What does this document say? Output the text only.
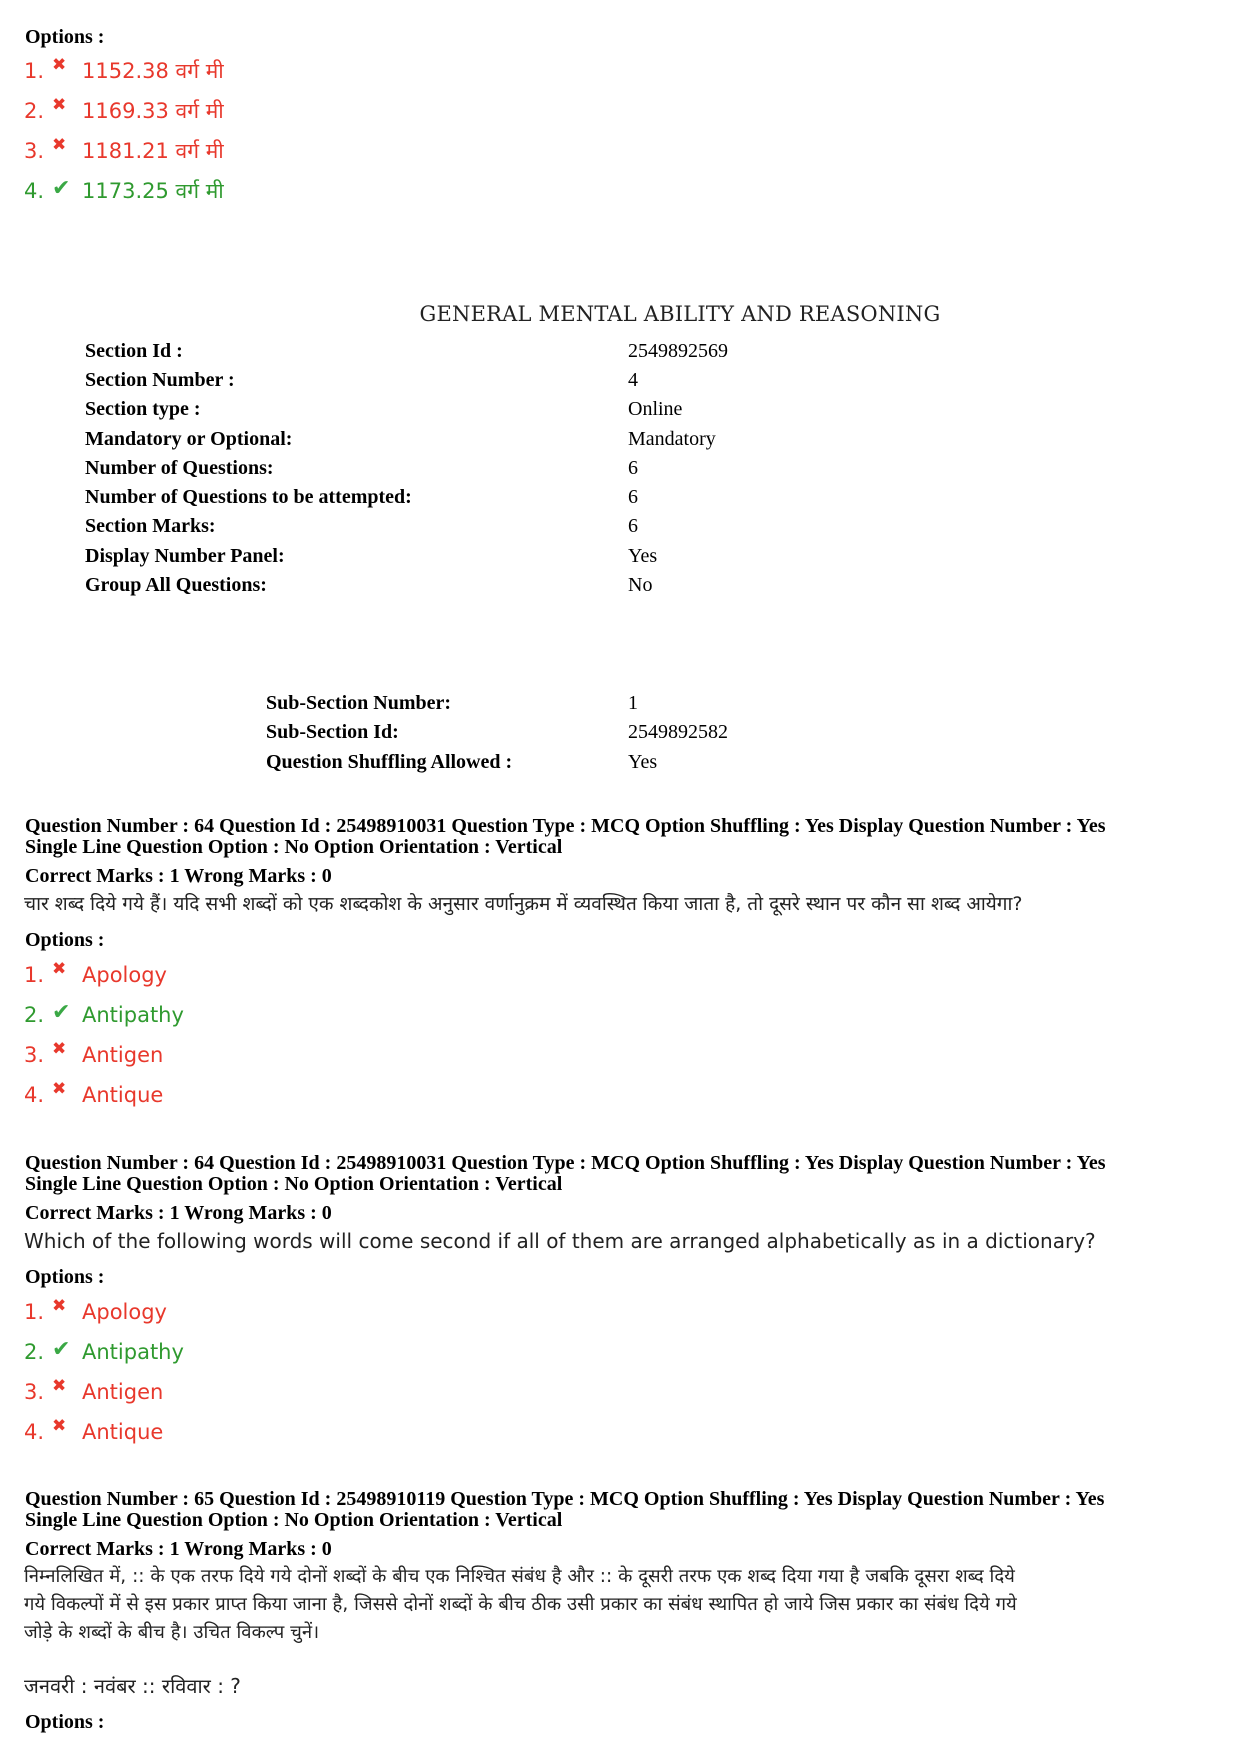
Options :
1. ✖ 1152.38 वर्ग मी
2. ✖ 1169.33 वर्ग मी
3. ✖ 1181.21 वर्ग मी
4. ✔ 1173.25 वर्ग मी
GENERAL MENTAL ABILITY AND REASONING
Section Id :	2549892569
Section Number :	4
Section type :	Online
Mandatory or Optional:	Mandatory
Number of Questions:	6
Number of Questions to be attempted:	6
Section Marks:	6
Display Number Panel:	Yes
Group All Questions:	No
Sub-Section Number:	1
Sub-Section Id:	2549892582
Question Shuffling Allowed :	Yes
Question Number : 64 Question Id : 25498910031 Question Type : MCQ Option Shuffling : Yes Display Question Number : Yes
Single Line Question Option : No Option Orientation : Vertical
Correct Marks : 1 Wrong Marks : 0
चार शब्द दिये गये हैं। यदि सभी शब्दों को एक शब्दकोश के अनुसार वर्णानुक्रम में व्यवस्थित किया जाता है, तो दूसरे स्थान पर कौन सा शब्द आयेगा?
Options :
1. ✖ Apology
2. ✔ Antipathy
3. ✖ Antigen
4. ✖ Antique
Question Number : 64 Question Id : 25498910031 Question Type : MCQ Option Shuffling : Yes Display Question Number : Yes
Single Line Question Option : No Option Orientation : Vertical
Correct Marks : 1 Wrong Marks : 0
Which of the following words will come second if all of them are arranged alphabetically as in a dictionary?
Options :
1. ✖ Apology
2. ✔ Antipathy
3. ✖ Antigen
4. ✖ Antique
Question Number : 65 Question Id : 25498910119 Question Type : MCQ Option Shuffling : Yes Display Question Number : Yes
Single Line Question Option : No Option Orientation : Vertical
Correct Marks : 1 Wrong Marks : 0
निम्नलिखित में, :: के एक तरफ दिये गये दोनों शब्दों के बीच एक निश्चित संबंध है और :: के दूसरी तरफ एक शब्द दिया गया है जबकि दूसरा शब्द दिये
गये विकल्पों में से इस प्रकार प्राप्त किया जाना है, जिससे दोनों शब्दों के बीच ठीक उसी प्रकार का संबंध स्थापित हो जाये जिस प्रकार का संबंध दिये गये
जोड़े के शब्दों के बीच है। उचित विकल्प चुनें।
जनवरी : नवंबर :: रविवार : ?
Options :
